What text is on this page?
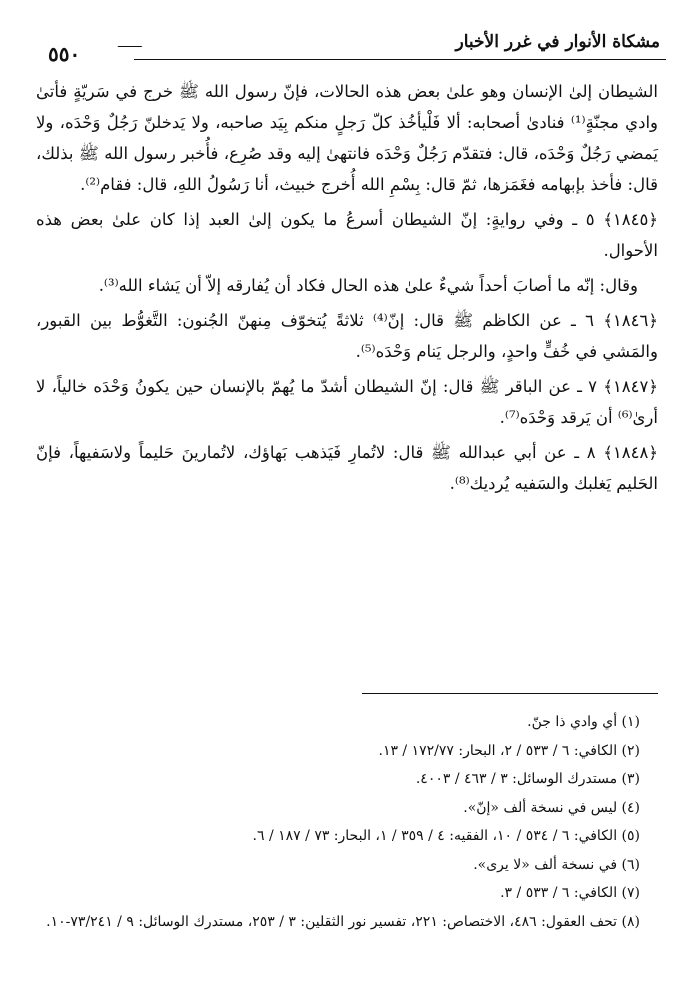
مشكاة الأنوار في غرر الأخبار
٥٥٠

الشيطان إلىٰ الإنسان وهو علىٰ بعض هذه الحالات، فإنّ رسول الله ﷺ خرج في سَريّةٍ فأتىٰ وادي مجنّةٍ⁽¹⁾ فنادىٰ أصحابه: ألا فَلْيأخُذ كلّ رَجلٍ منكم بِيَد صاحبه، ولا يَدخلنّ رَجُلٌ وَحْدَه، ولا يَمضي رَجُلٌ وَحْدَه، قال: فتقدّم رَجُلٌ وَحْدَه فانتهىٰ إليه وقد صُرِع، فأُخبر رسول الله ﷺ بذلك، قال: فأخذ بإبهامه فغَمَزها، ثمّ قال: بِسْمِ الله أُخرج خبيث، أنا رَسُولُ اللهِ، قال: فقام⁽²⁾.

﴿١٨٤٥﴾ ٥ ـ وفي روايةٍ: إنّ الشيطان أسرعُ ما يكون إلىٰ العبد إذا كان علىٰ بعض هذه الأحوال.

وقال: إنّه ما أصابَ أحداً شيءٌ علىٰ هذه الحال فكاد أن يُفارقه إلاّ أن يَشاء الله⁽³⁾.

﴿١٨٤٦﴾ ٦ ـ عن الكاظم ﷺ قال: إنّ⁽⁴⁾ ثلاثةً يُتخوّف مِنهنّ الجُنون: التَّغوُّط بين القبور، والمَشي في خُفٍّ واحدٍ، والرجل يَنام وَحْدَه⁽⁵⁾.

﴿١٨٤٧﴾ ٧ ـ عن الباقر ﷺ قال: إنّ الشيطان أشدّ ما يُهمّ بالإنسان حين يكونُ وَحْدَه خالياً، لا أرىٰ⁽⁶⁾ أن يَرقد وَحْدَه⁽⁷⁾.

﴿١٨٤٨﴾ ٨ ـ عن أبي عبدالله ﷺ قال: لاتُمارِ فَيَذهب بَهاؤك، لاتُمارينَ حَليماً ولاسَفيهاً، فإنّ الحَليم يَغلبك والسَفيه يُرديك⁽⁸⁾.

(١) أي وادي ذا جنّ.

(٢) الكافي: ٦ / ٥٣٣ / ٢، البحار: ١٧٢/٧٧ / ١٣.

(٣) مستدرك الوسائل: ٣ / ٤٦٣ / ٤٠٠٣.

(٤) ليس في نسخة ألف «إنّ».

(٥) الكافي: ٦ / ٥٣٤ / ١٠، الفقيه: ٤ / ٣٥٩ / ١، البحار: ٧٣ / ١٨٧ / ٦.

(٦) في نسخة ألف «لا يرى».

(٧) الكافي: ٦ / ٥٣٣ / ٣.

(٨) تحف العقول: ٤٨٦، الاختصاص: ٢٢١، تفسير نور الثقلين: ٣ / ٢٥٣، مستدرك الوسائل: ٩ / ٧٣/٢٤١-١٠.
